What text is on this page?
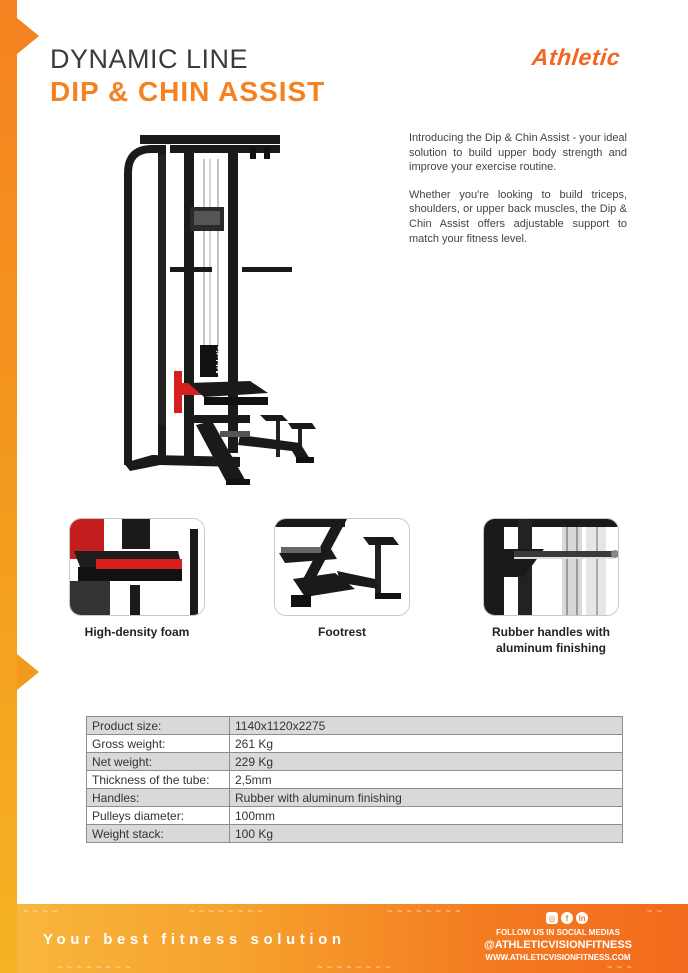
DYNAMIC LINE
DIP & CHIN ASSIST
Athletic

Introducing the Dip & Chin Assist - your ideal solution to build upper body strength and improve your exercise routine.

Whether you're looking to build triceps, shoulders, or upper back muscles, the Dip & Chin Assist offers adjustable support to match your fitness level.

Athletic
High-density foam	Footrest	Rubber handles with aluminum finishing
Product size:	1140x1120x2275
Gross weight:	261 Kg
Net weight:	229 Kg
Thickness of the tube:	2,5mm
Handles:	Rubber with aluminum finishing
Pulleys diameter:	100mm
Weight stack:	100 Kg
~ ~ ~ ~	~ ~ ~ ~ ~ ~ ~ ~	~ ~ ~ ~ ~ ~ ~ ~	~ ~
~ ~ ~ ~ ~ ~ ~ ~	~ ~ ~ ~ ~ ~ ~ ~	~ ~ ~
Your best fitness solution
◎	f	in
FOLLOW US IN SOCIAL MEDIAS
@ATHLETICVISIONFITNESS
WWW.ATHLETICVISIONFITNESS.COM
